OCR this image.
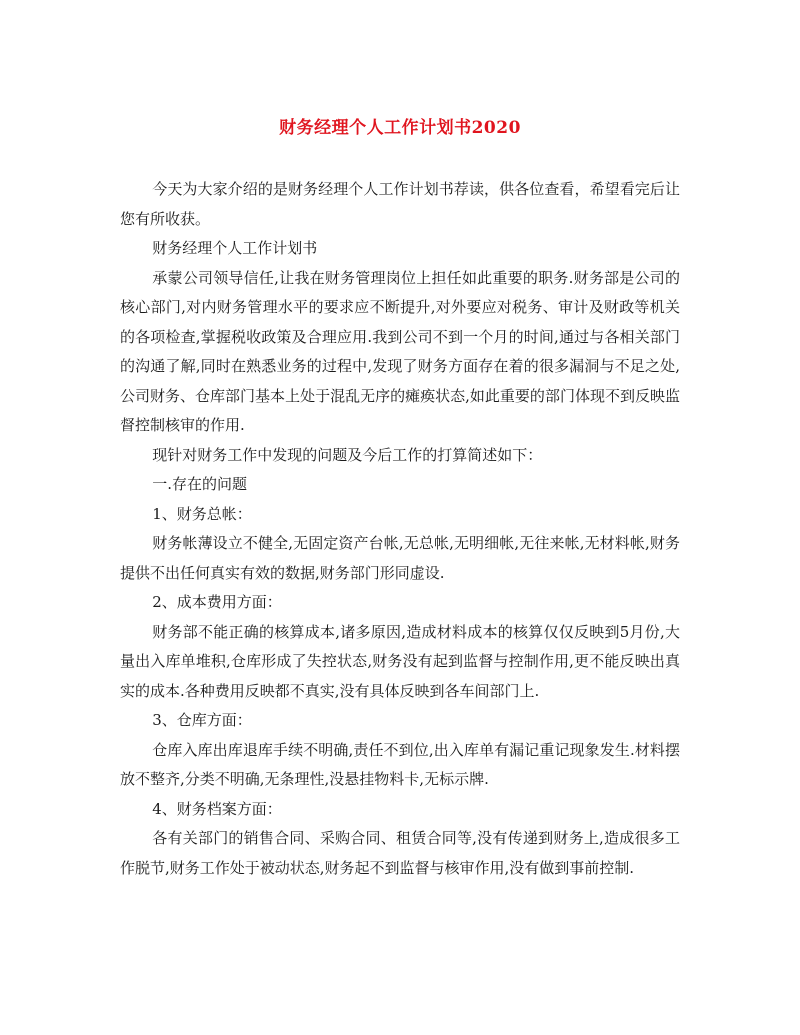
财务经理个人工作计划书2020

今天为大家介绍的是财务经理个人工作计划书荐读，供各位查看，希望看完后让您有所收获。

财务经理个人工作计划书

承蒙公司领导信任,让我在财务管理岗位上担任如此重要的职务.财务部是公司的核心部门,对内财务管理水平的要求应不断提升,对外要应对税务、审计及财政等机关的各项检查,掌握税收政策及合理应用.我到公司不到一个月的时间,通过与各相关部门的沟通了解,同时在熟悉业务的过程中,发现了财务方面存在着的很多漏洞与不足之处,公司财务、仓库部门基本上处于混乱无序的瘫痪状态,如此重要的部门体现不到反映监督控制核审的作用.

现针对财务工作中发现的问题及今后工作的打算简述如下：

一.存在的问题

1、财务总帐：

财务帐薄设立不健全,无固定资产台帐,无总帐,无明细帐,无往来帐,无材料帐,财务提供不出任何真实有效的数据,财务部门形同虚设.

2、成本费用方面：

财务部不能正确的核算成本,诸多原因,造成材料成本的核算仅仅反映到5月份,大量出入库单堆积,仓库形成了失控状态,财务没有起到监督与控制作用,更不能反映出真实的成本.各种费用反映都不真实,没有具体反映到各车间部门上.

3、仓库方面：

仓库入库出库退库手续不明确,责任不到位,出入库单有漏记重记现象发生.材料摆放不整齐,分类不明确,无条理性,没悬挂物料卡,无标示牌.

4、财务档案方面：

各有关部门的销售合同、采购合同、租赁合同等,没有传递到财务上,造成很多工作脱节,财务工作处于被动状态,财务起不到监督与核审作用,没有做到事前控制.
